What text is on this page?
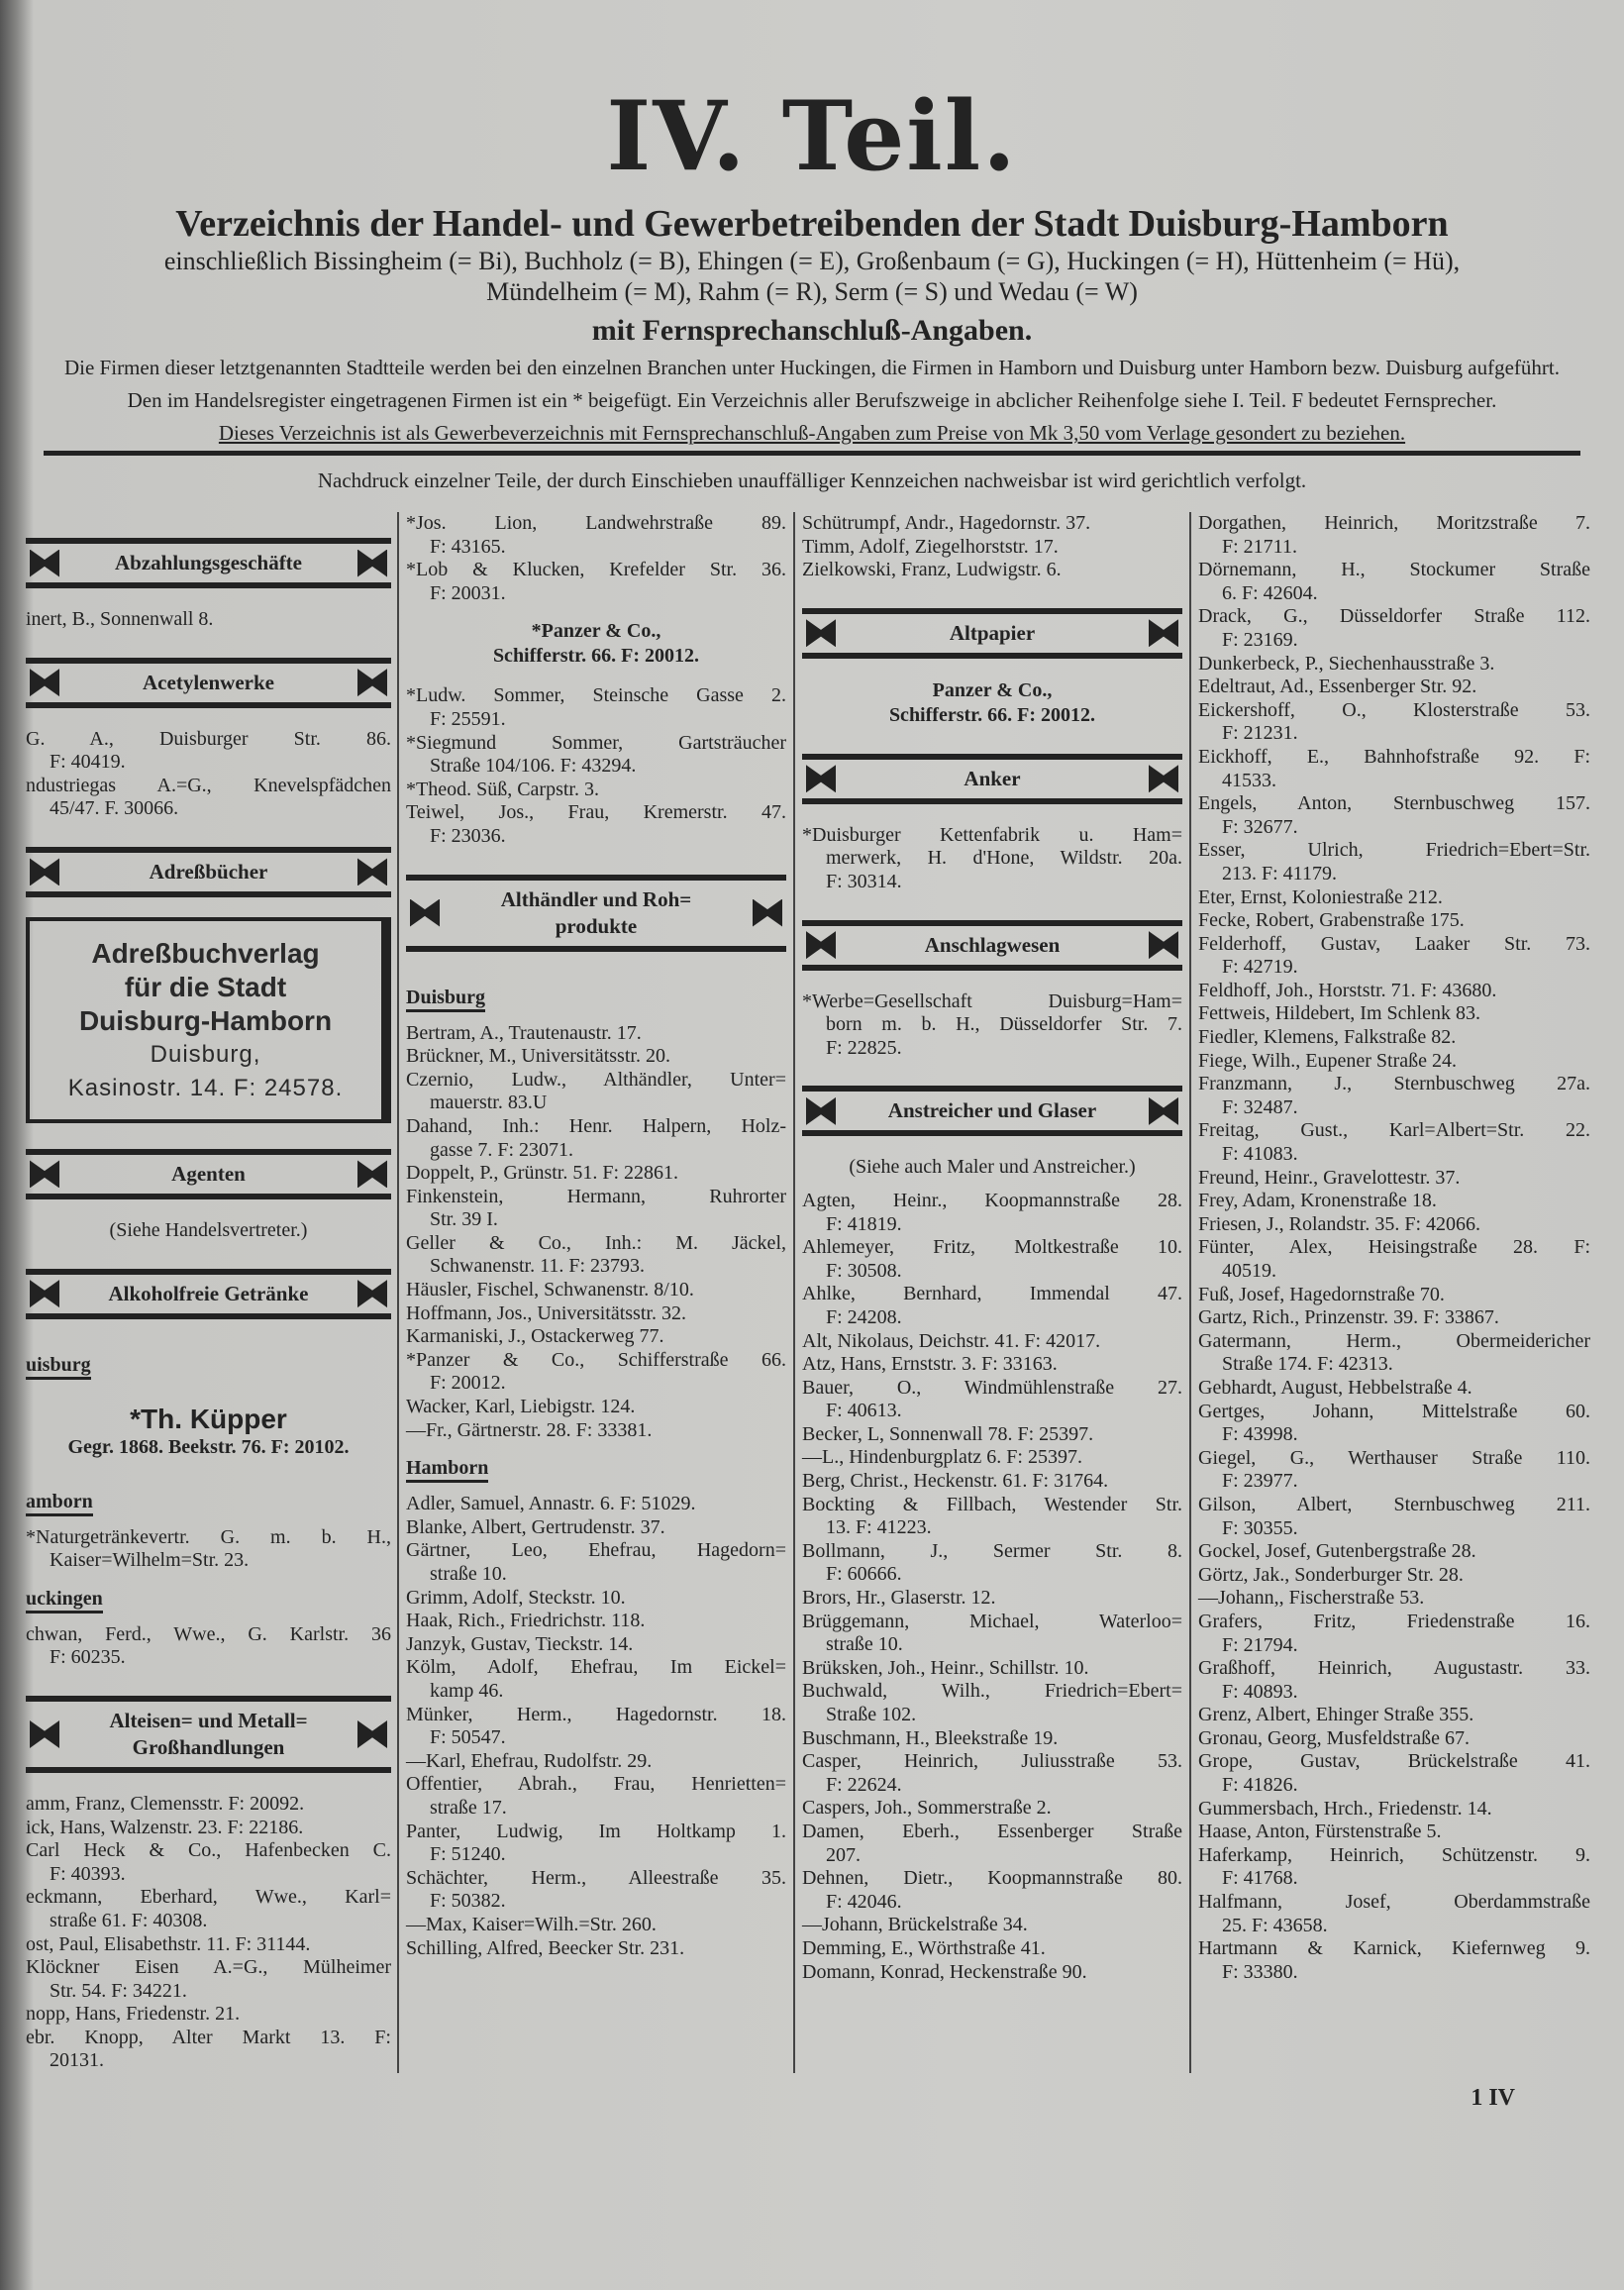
IV. Teil.
Verzeichnis der Handel- und Gewerbetreibenden der Stadt Duisburg-Hamborn
einschließlich Bissingheim (= Bi), Buchholz (= B), Ehingen (= E), Großenbaum (= G), Huckingen (= H), Hüttenheim (= Hü),
Mündelheim (= M), Rahm (= R), Serm (= S) und Wedau (= W)
mit Fernsprechanschluß-Angaben.
Die Firmen dieser letztgenannten Stadtteile werden bei den einzelnen Branchen unter Huckingen, die Firmen in Hamborn und Duisburg unter Hamborn bezw. Duisburg aufgeführt.
Den im Handelsregister eingetragenen Firmen ist ein * beigefügt. Ein Verzeichnis aller Berufszweige in abclicher Reihenfolge siehe I. Teil. F bedeutet Fernsprecher.
Dieses Verzeichnis ist als Gewerbeverzeichnis mit Fernsprechanschluß-Angaben zum Preise von Mk 3,50 vom Verlage gesondert zu beziehen.
Nachdruck einzelner Teile, der durch Einschieben unauffälliger Kennzeichen nachweisbar ist wird gerichtlich verfolgt.
Abzahlungsgeschäfte
inert, B., Sonnenwall 8.
Acetylenwerke
G. A., Duisburger Str. 86.
F: 40419.
ndustriegas A.=G., Knevelspfädchen
45/47. F. 30066.
Adreßbücher
Adreßbuchverlag
für die Stadt
Duisburg-Hamborn
Duisburg,
Kasinostr. 14. F: 24578.
Agenten
(Siehe Handelsvertreter.)
Alkoholfreie Getränke
uisburg
*Th. Küpper
Gegr. 1868. Beekstr. 76. F: 20102.
amborn
*Naturgetränkevertr. G. m. b. H.,
Kaiser=Wilhelm=Str. 23.
uckingen
chwan, Ferd., Wwe., G. Karlstr. 36
F: 60235.
Alteisen= und Metall=
Großhandlungen
amm, Franz, Clemensstr. F: 20092.
ick, Hans, Walzenstr. 23. F: 22186.
Carl Heck & Co., Hafenbecken C.
F: 40393.
eckmann, Eberhard, Wwe., Karl=
straße 61. F: 40308.
ost, Paul, Elisabethstr. 11. F: 31144.
Klöckner Eisen A.=G., Mülheimer
Str. 54. F: 34221.
nopp, Hans, Friedenstr. 21.
ebr. Knopp, Alter Markt 13. F:
20131.
*Jos. Lion, Landwehrstraße 89.
F: 43165.
*Lob & Klucken, Krefelder Str. 36.
F: 20031.
*Panzer & Co.,
Schifferstr. 66. F: 20012.
*Ludw. Sommer, Steinsche Gasse 2.
F: 25591.
*Siegmund Sommer, Gartsträucher
Straße 104/106. F: 43294.
*Theod. Süß, Carpstr. 3.
Teiwel, Jos., Frau, Kremerstr. 47.
F: 23036.
Althändler und Roh=
produkte
Duisburg
Bertram, A., Trautenaustr. 17.
Brückner, M., Universitätsstr. 20.
Czernio, Ludw., Althändler, Unter=
mauerstr. 83.U
Dahand, Inh.: Henr. Halpern, Holz-
gasse 7. F: 23071.
Doppelt, P., Grünstr. 51. F: 22861.
Finkenstein, Hermann, Ruhrorter
Str. 39 I.
Geller & Co., Inh.: M. Jäckel,
Schwanenstr. 11. F: 23793.
Häusler, Fischel, Schwanenstr. 8/10.
Hoffmann, Jos., Universitätsstr. 32.
Karmaniski, J., Ostackerweg 77.
*Panzer & Co., Schifferstraße 66.
F: 20012.
Wacker, Karl, Liebigstr. 124.
—Fr., Gärtnerstr. 28. F: 33381.
Hamborn
Adler, Samuel, Annastr. 6. F: 51029.
Blanke, Albert, Gertrudenstr. 37.
Gärtner, Leo, Ehefrau, Hagedorn=
straße 10.
Grimm, Adolf, Steckstr. 10.
Haak, Rich., Friedrichstr. 118.
Janzyk, Gustav, Tieckstr. 14.
Kölm, Adolf, Ehefrau, Im Eickel=
kamp 46.
Münker, Herm., Hagedornstr. 18.
F: 50547.
—Karl, Ehefrau, Rudolfstr. 29.
Offentier, Abrah., Frau, Henrietten=
straße 17.
Panter, Ludwig, Im Holtkamp 1.
F: 51240.
Schächter, Herm., Alleestraße 35.
F: 50382.
—Max, Kaiser=Wilh.=Str. 260.
Schilling, Alfred, Beecker Str. 231.
Schütrumpf, Andr., Hagedornstr. 37.
Timm, Adolf, Ziegelhorststr. 17.
Zielkowski, Franz, Ludwigstr. 6.
Altpapier
Panzer & Co.,
Schifferstr. 66. F: 20012.
Anker
*Duisburger Kettenfabrik u. Ham=
merwerk, H. d'Hone, Wildstr. 20a.
F: 30314.
Anschlagwesen
*Werbe=Gesellschaft Duisburg=Ham=
born m. b. H., Düsseldorfer Str. 7.
F: 22825.
Anstreicher und Glaser
(Siehe auch Maler und Anstreicher.)
Agten, Heinr., Koopmannstraße 28.
F: 41819.
Ahlemeyer, Fritz, Moltkestraße 10.
F: 30508.
Ahlke, Bernhard, Immendal 47.
F: 24208.
Alt, Nikolaus, Deichstr. 41. F: 42017.
Atz, Hans, Ernststr. 3. F: 33163.
Bauer, O., Windmühlenstraße 27.
F: 40613.
Becker, L, Sonnenwall 78. F: 25397.
—L., Hindenburgplatz 6. F: 25397.
Berg, Christ., Heckenstr. 61. F: 31764.
Bockting & Fillbach, Westender Str.
13. F: 41223.
Bollmann, J., Sermer Str. 8.
F: 60666.
Brors, Hr., Glaserstr. 12.
Brüggemann, Michael, Waterloo=
straße 10.
Brüksken, Joh., Heinr., Schillstr. 10.
Buchwald, Wilh., Friedrich=Ebert=
Straße 102.
Buschmann, H., Bleekstraße 19.
Casper, Heinrich, Juliusstraße 53.
F: 22624.
Caspers, Joh., Sommerstraße 2.
Damen, Eberh., Essenberger Straße
207.
Dehnen, Dietr., Koopmannstraße 80.
F: 42046.
—Johann, Brückelstraße 34.
Demming, E., Wörthstraße 41.
Domann, Konrad, Heckenstraße 90.
Dorgathen, Heinrich, Moritzstraße 7.
F: 21711.
Dörnemann, H., Stockumer Straße
6. F: 42604.
Drack, G., Düsseldorfer Straße 112.
F: 23169.
Dunkerbeck, P., Siechenhausstraße 3.
Edeltraut, Ad., Essenberger Str. 92.
Eickershoff, O., Klosterstraße 53.
F: 21231.
Eickhoff, E., Bahnhofstraße 92. F:
41533.
Engels, Anton, Sternbuschweg 157.
F: 32677.
Esser, Ulrich, Friedrich=Ebert=Str.
213. F: 41179.
Eter, Ernst, Koloniestraße 212.
Fecke, Robert, Grabenstraße 175.
Felderhoff, Gustav, Laaker Str. 73.
F: 42719.
Feldhoff, Joh., Horststr. 71. F: 43680.
Fettweis, Hildebert, Im Schlenk 83.
Fiedler, Klemens, Falkstraße 82.
Fiege, Wilh., Eupener Straße 24.
Franzmann, J., Sternbuschweg 27a.
F: 32487.
Freitag, Gust., Karl=Albert=Str. 22.
F: 41083.
Freund, Heinr., Gravelottestr. 37.
Frey, Adam, Kronenstraße 18.
Friesen, J., Rolandstr. 35. F: 42066.
Fünter, Alex, Heisingstraße 28. F:
40519.
Fuß, Josef, Hagedornstraße 70.
Gartz, Rich., Prinzenstr. 39. F: 33867.
Gatermann, Herm., Obermeidericher
Straße 174. F: 42313.
Gebhardt, August, Hebbelstraße 4.
Gertges, Johann, Mittelstraße 60.
F: 43998.
Giegel, G., Werthauser Straße 110.
F: 23977.
Gilson, Albert, Sternbuschweg 211.
F: 30355.
Gockel, Josef, Gutenbergstraße 28.
Görtz, Jak., Sonderburger Str. 28.
—Johann,, Fischerstraße 53.
Grafers, Fritz, Friedenstraße 16.
F: 21794.
Graßhoff, Heinrich, Augustastr. 33.
F: 40893.
Grenz, Albert, Ehinger Straße 355.
Gronau, Georg, Musfeldstraße 67.
Grope, Gustav, Brückelstraße 41.
F: 41826.
Gummersbach, Hrch., Friedenstr. 14.
Haase, Anton, Fürstenstraße 5.
Haferkamp, Heinrich, Schützenstr. 9.
F: 41768.
Halfmann, Josef, Oberdammstraße
25. F: 43658.
Hartmann & Karnick, Kiefernweg 9.
F: 33380.
1 IV
